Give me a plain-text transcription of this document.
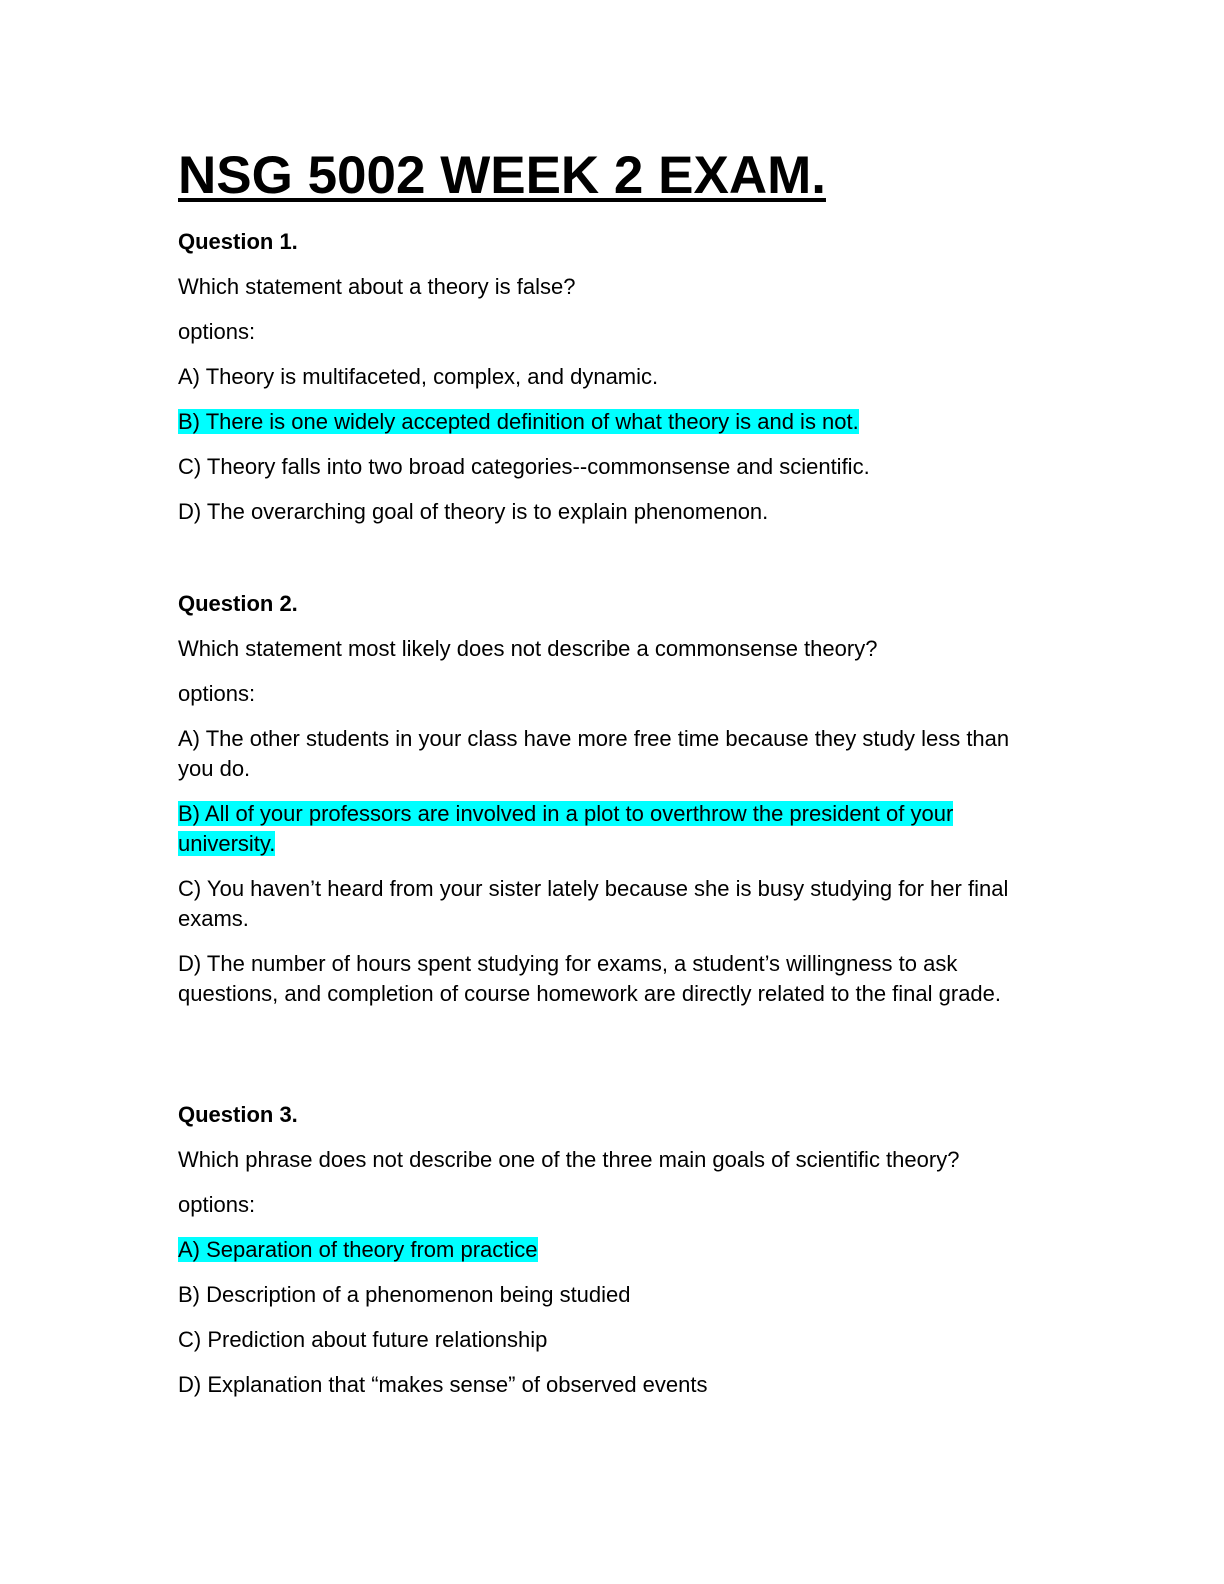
NSG 5002 WEEK 2 EXAM.

Question 1.

Which statement about a theory is false?

options:

A) Theory is multifaceted, complex, and dynamic.

B) There is one widely accepted definition of what theory is and is not.

C) Theory falls into two broad categories--commonsense and scientific.

D) The overarching goal of theory is to explain phenomenon.

Question 2.

Which statement most likely does not describe a commonsense theory?

options:

A) The other students in your class have more free time because they study less than you do.

B) All of your professors are involved in a plot to overthrow the president of your university.

C) You haven’t heard from your sister lately because she is busy studying for her final exams.

D) The number of hours spent studying for exams, a student’s willingness to ask questions, and completion of course homework are directly related to the final grade.

Question 3.

Which phrase does not describe one of the three main goals of scientific theory?

options:

A) Separation of theory from practice

B) Description of a phenomenon being studied

C) Prediction about future relationship

D) Explanation that “makes sense” of observed events
